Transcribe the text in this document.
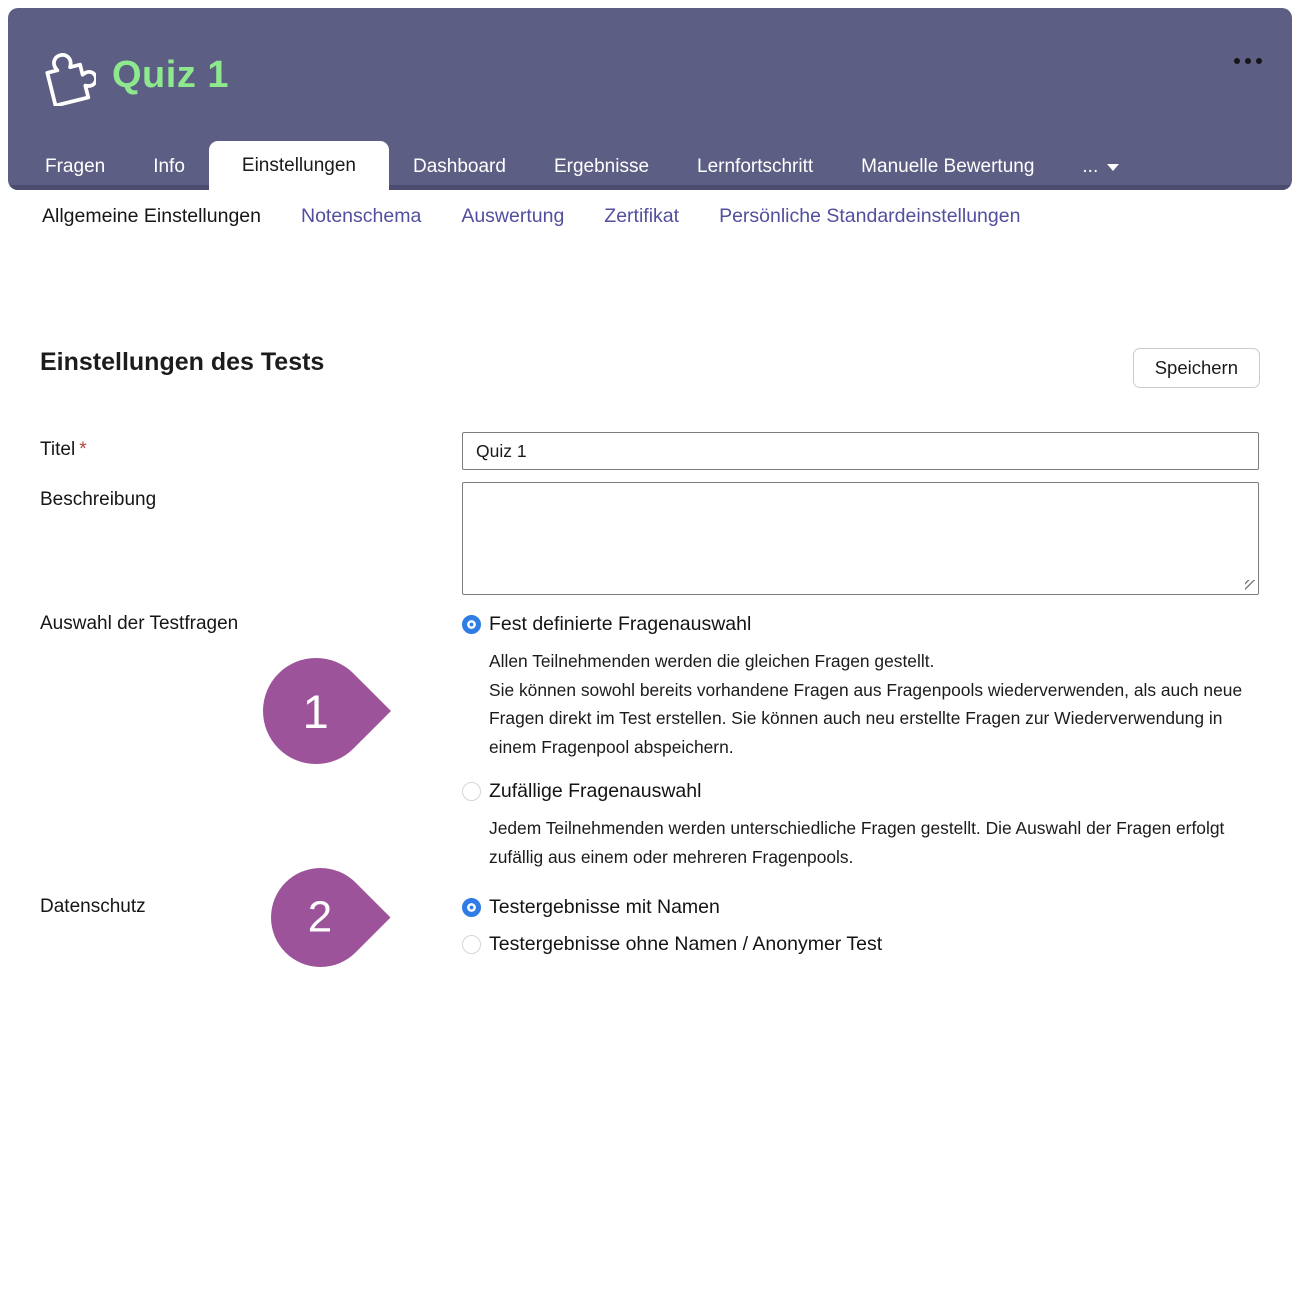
Quiz 1
Fragen	Info	Einstellungen	Dashboard	Ergebnisse	Lernfortschritt	Manuelle Bewertung	...
Allgemeine Einstellungen Notenschema Auswertung Zertifikat Persönliche Standardeinstellungen
Einstellungen des Tests	Speichern
Titel *
Quiz 1
Beschreibung
Auswahl der Testfragen	Fest definierte Fragenauswahl
Allen Teilnehmenden werden die gleichen Fragen gestellt.
Sie können sowohl bereits vorhandene Fragen aus Fragenpools wiederverwenden, als auch neue Fragen direkt im Test erstellen. Sie können auch neu erstellte Fragen zur Wiederverwendung in einem Fragenpool abspeichern.
Zufällige Fragenauswahl
Jedem Teilnehmenden werden unterschiedliche Fragen gestellt. Die Auswahl der Fragen erfolgt zufällig aus einem oder mehreren Fragenpools.
Datenschutz	Testergebnisse mit Namen
Testergebnisse ohne Namen / Anonymer Test
1
2
